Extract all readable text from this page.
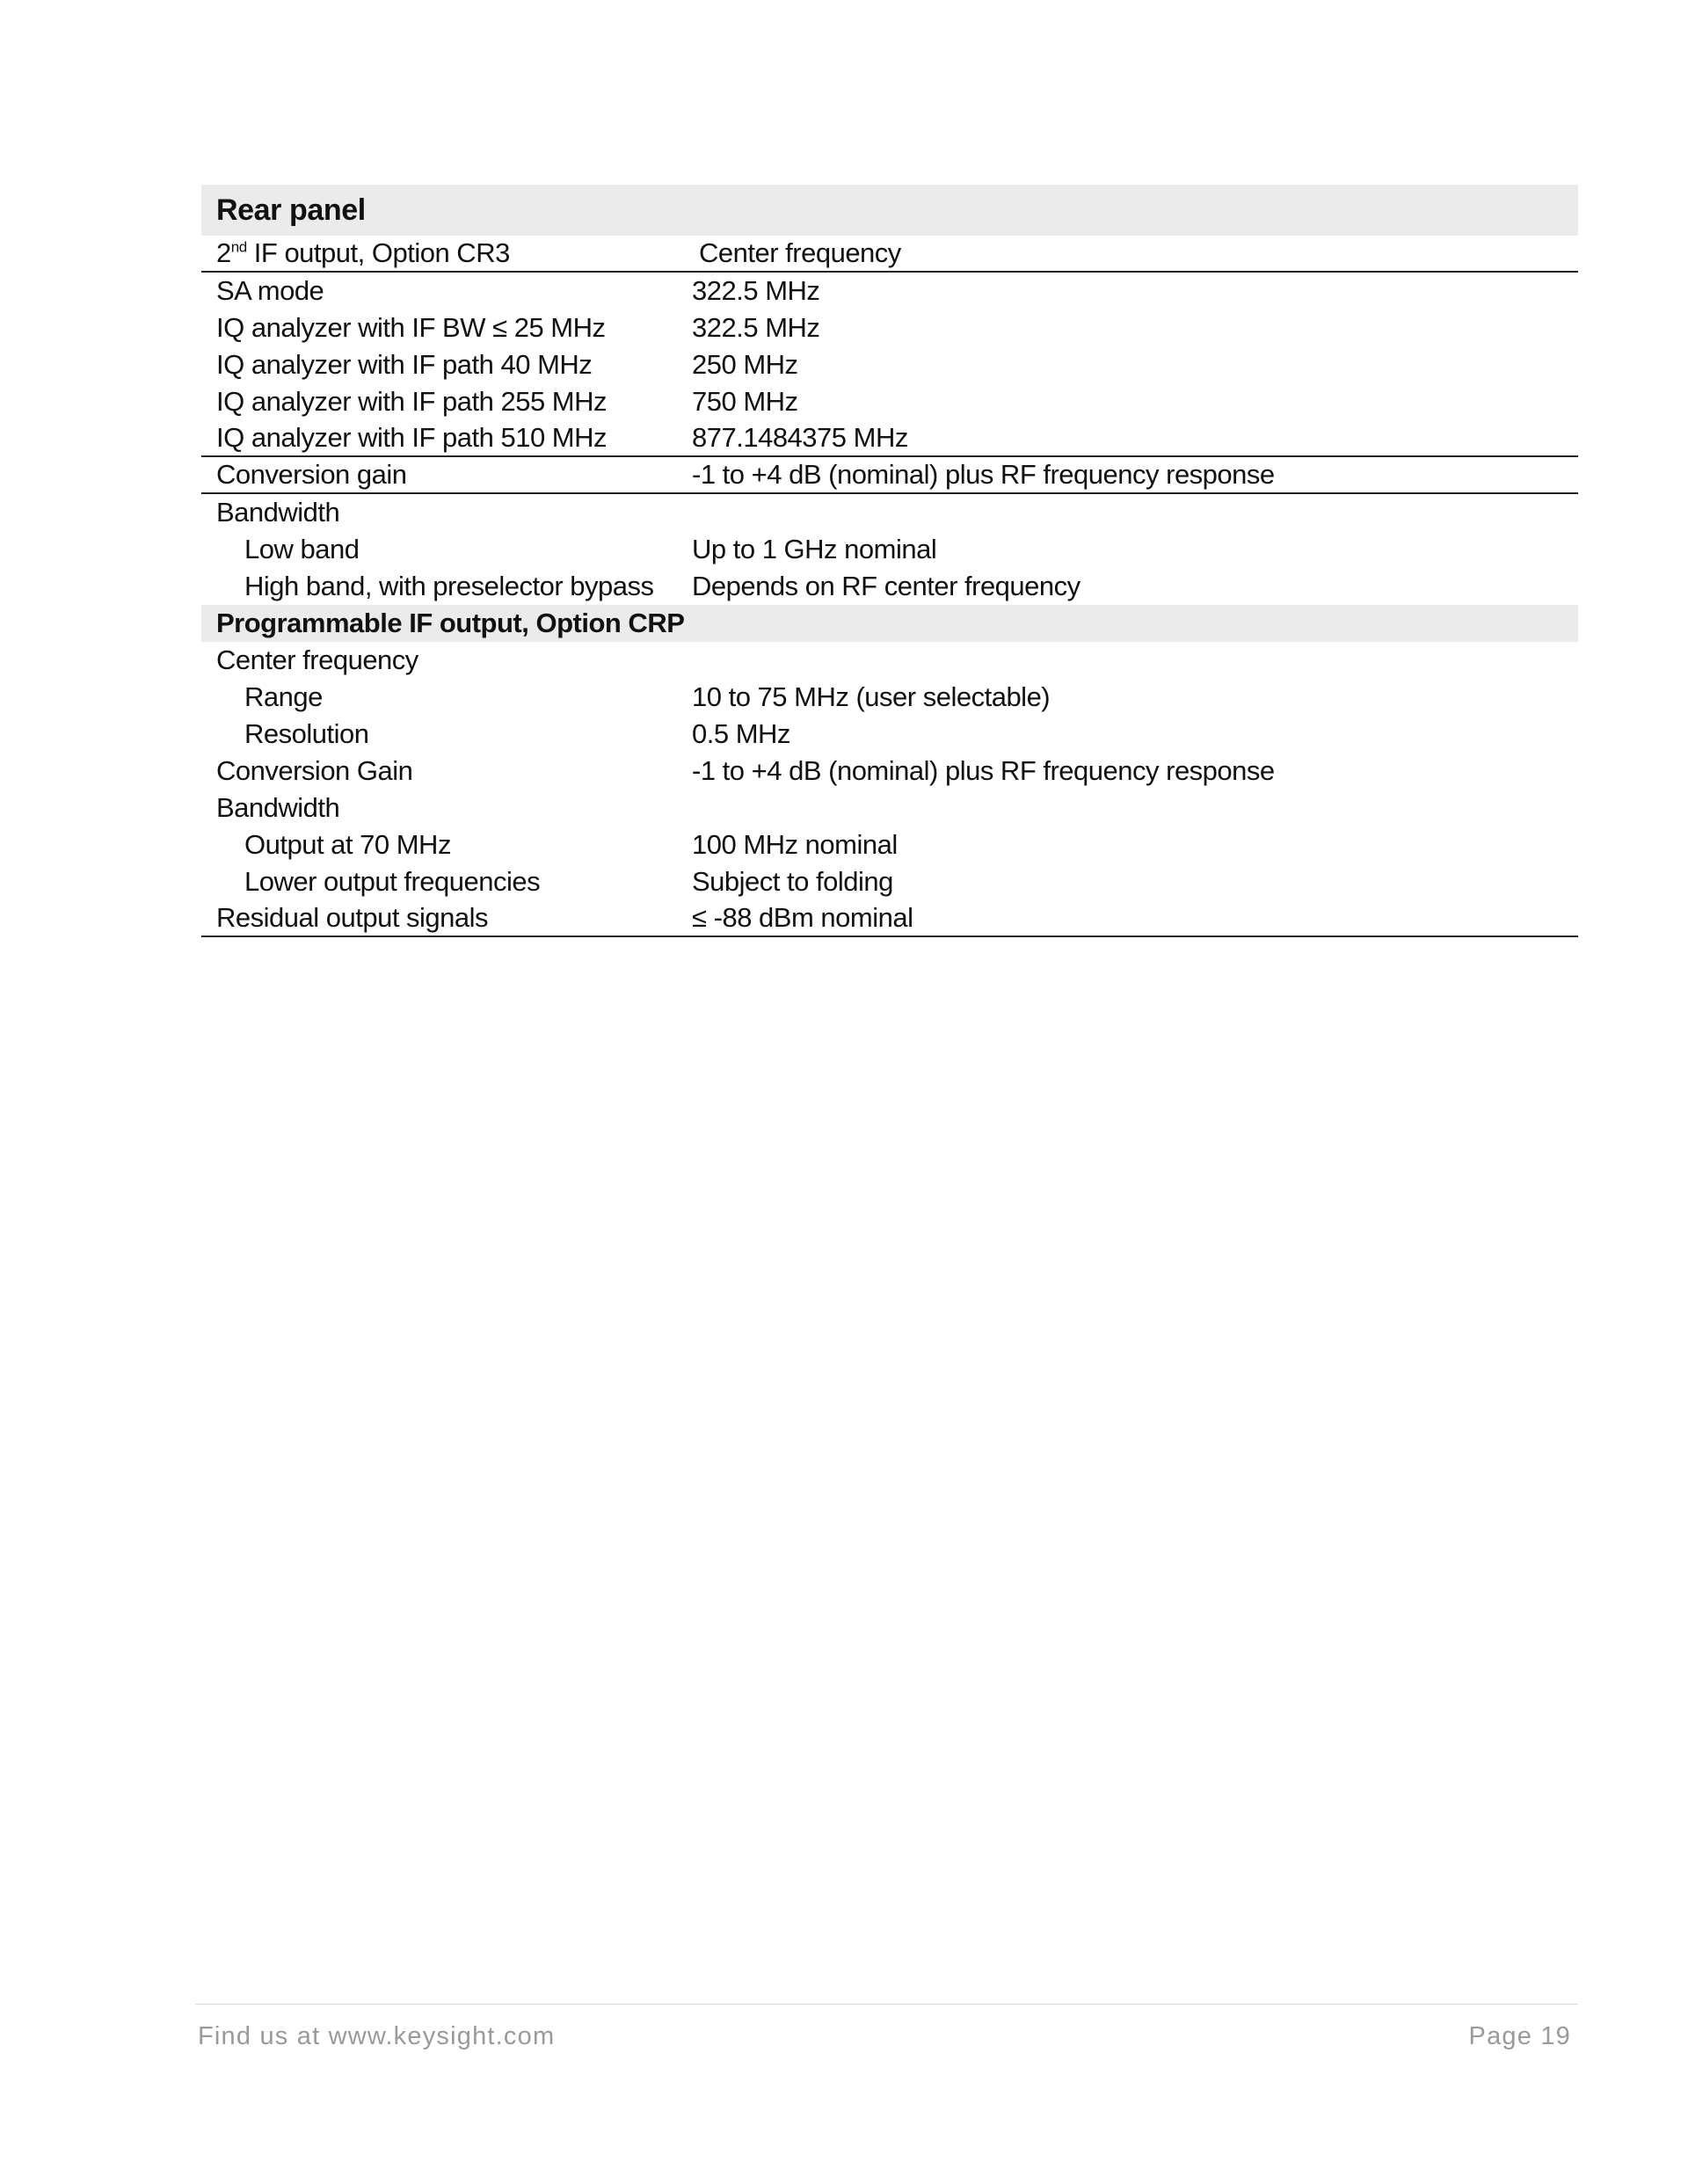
Rear panel
2nd IF output, Option CR3	Center frequency
SA mode	322.5 MHz
IQ analyzer with IF BW ≤ 25 MHz	322.5 MHz
IQ analyzer with IF path 40 MHz	250 MHz
IQ analyzer with IF path 255 MHz	750 MHz
IQ analyzer with IF path 510 MHz	877.1484375 MHz
Conversion gain	-1 to +4 dB (nominal) plus RF frequency response
Bandwidth
Low band	Up to 1 GHz nominal
High band, with preselector bypass	Depends on RF center frequency
Programmable IF output, Option CRP
Center frequency
Range	10 to 75 MHz (user selectable)
Resolution	0.5 MHz
Conversion Gain	-1 to +4 dB (nominal) plus RF frequency response
Bandwidth
Output at 70 MHz	100 MHz nominal
Lower output frequencies	Subject to folding
Residual output signals	≤ -88 dBm nominal
Find us at www.keysight.com	Page 19
